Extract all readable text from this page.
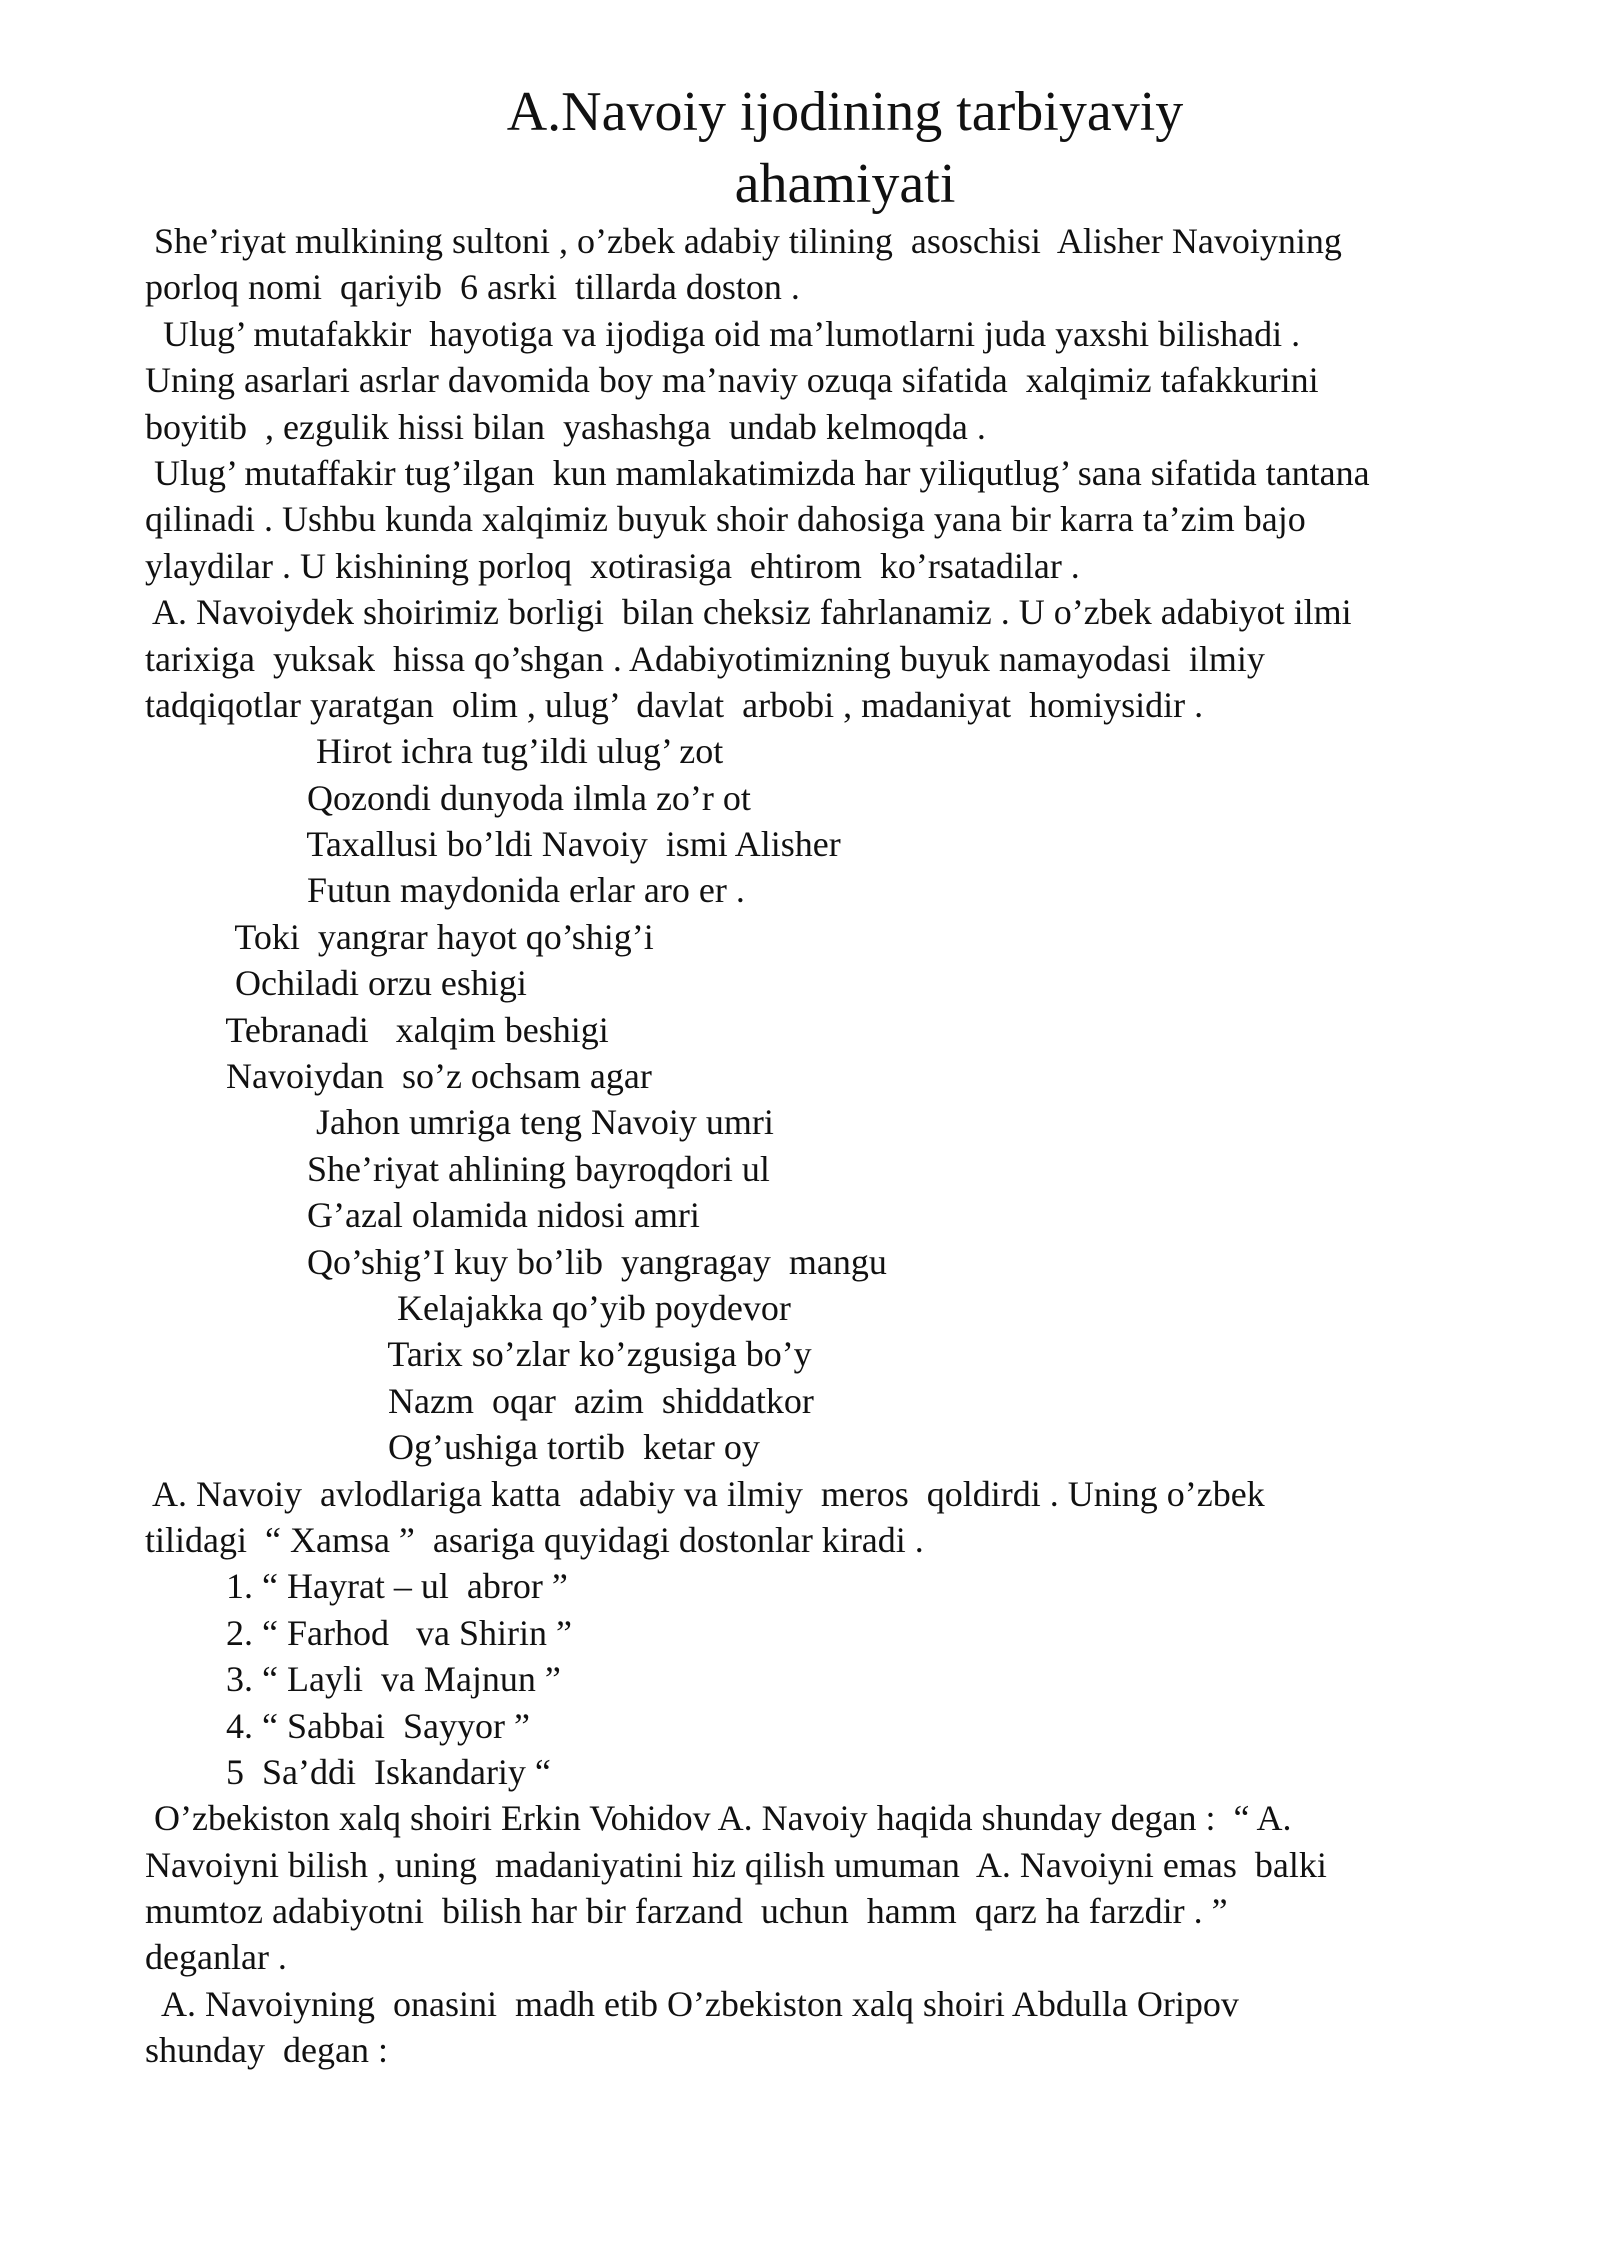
A.Navoiy ijodining tarbiyaviy
ahamiyati
She’riyat mulkining sultoni , o’zbek adabiy tilining  asoschisi  Alisher Navoiyning
porloq nomi  qariyib  6 asrki  tillarda doston .
Ulug’ mutafakkir  hayotiga va ijodiga oid ma’lumotlarni juda yaxshi bilishadi .
Uning asarlari asrlar davomida boy ma’naviy ozuqa sifatida  xalqimiz tafakkurini
boyitib  , ezgulik hissi bilan  yashashga  undab kelmoqda .
Ulug’ mutaffakir tug’ilgan  kun mamlakatimizda har yiliqutlug’ sana sifatida tantana
qilinadi . Ushbu kunda xalqimiz buyuk shoir dahosiga yana bir karra ta’zim bajo
ylaydilar . U kishining porloq  xotirasiga  ehtirom  ko’rsatadilar .
A. Navoiydek shoirimiz borligi  bilan cheksiz fahrlanamiz . U o’zbek adabiyot ilmi
tarixiga  yuksak  hissa qo’shgan . Adabiyotimizning buyuk namayodasi  ilmiy
tadqiqotlar yaratgan  olim , ulug’  davlat  arbobi , madaniyat  homiysidir .
Hirot ichra tug’ildi ulug’ zot
Qozondi dunyoda ilmla zo’r ot
Taxallusi bo’ldi Navoiy  ismi Alisher
Futun maydonida erlar aro er .
Toki  yangrar hayot qo’shig’i
Ochiladi orzu eshigi
Tebranadi   xalqim beshigi
Navoiydan  so’z ochsam agar
Jahon umriga teng Navoiy umri
She’riyat ahlining bayroqdori ul
G’azal olamida nidosi amri
Qo’shig’I kuy bo’lib  yangragay  mangu
Kelajakka qo’yib poydevor
Tarix so’zlar ko’zgusiga bo’y
Nazm  oqar  azim  shiddatkor
Og’ushiga tortib  ketar oy
A. Navoiy  avlodlariga katta  adabiy va ilmiy  meros  qoldirdi . Uning o’zbek
tilidagi  “ Xamsa ”  asariga quyidagi dostonlar kiradi .
1. “ Hayrat – ul  abror ”
2. “ Farhod   va Shirin ”
3. “ Layli  va Majnun ”
4. “ Sabbai  Sayyor ”
5  Sa’ddi  Iskandariy “
O’zbekiston xalq shoiri Erkin Vohidov A. Navoiy haqida shunday degan :  “ A.
Navoiyni bilish , uning  madaniyatini hiz qilish umuman  A. Navoiyni emas  balki
mumtoz adabiyotni  bilish har bir farzand  uchun  hamm  qarz ha farzdir . ”
deganlar .
A. Navoiyning  onasini  madh etib O’zbekiston xalq shoiri Abdulla Oripov
shunday  degan :
